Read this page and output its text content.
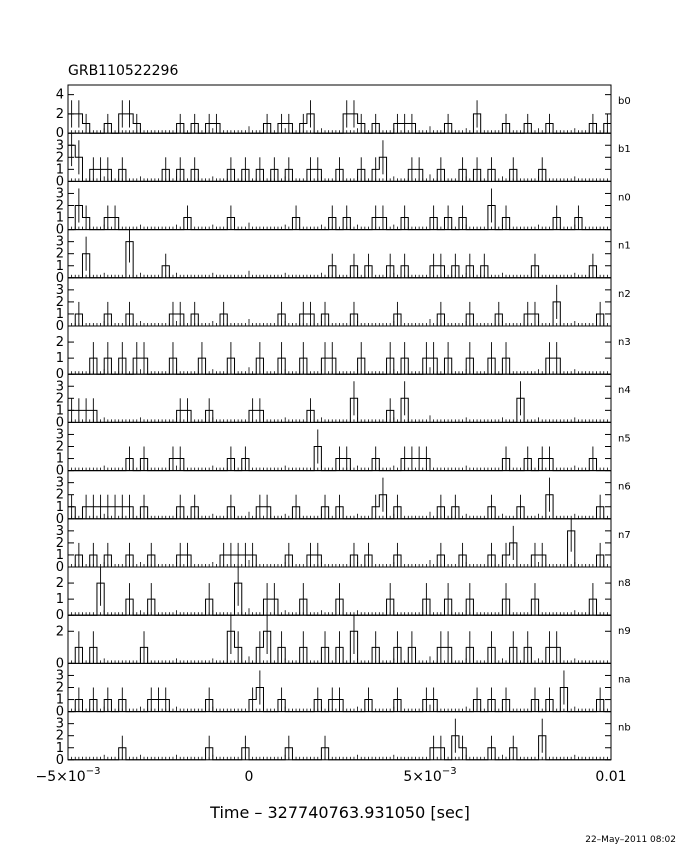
4
2
0
b0
3
2
1
0
b1
3
2
1
0
n0
3
2
1
0
n1
3
2
1
0
n2
2
1
0
n3
3
2
1
0
n4
3
2
1
0
n5
3
2
1
0
n6
3
2
1
0
n7
2
1
0
n8
2
0
n9
3
2
1
0
na
3
2
1
0
nb
$-5\times 10^{-3}$	0	$5\times 10^{-3}$	0.01
GRB110522296
Time – 327740763.931050 [sec]
22–May–2011 08:02
